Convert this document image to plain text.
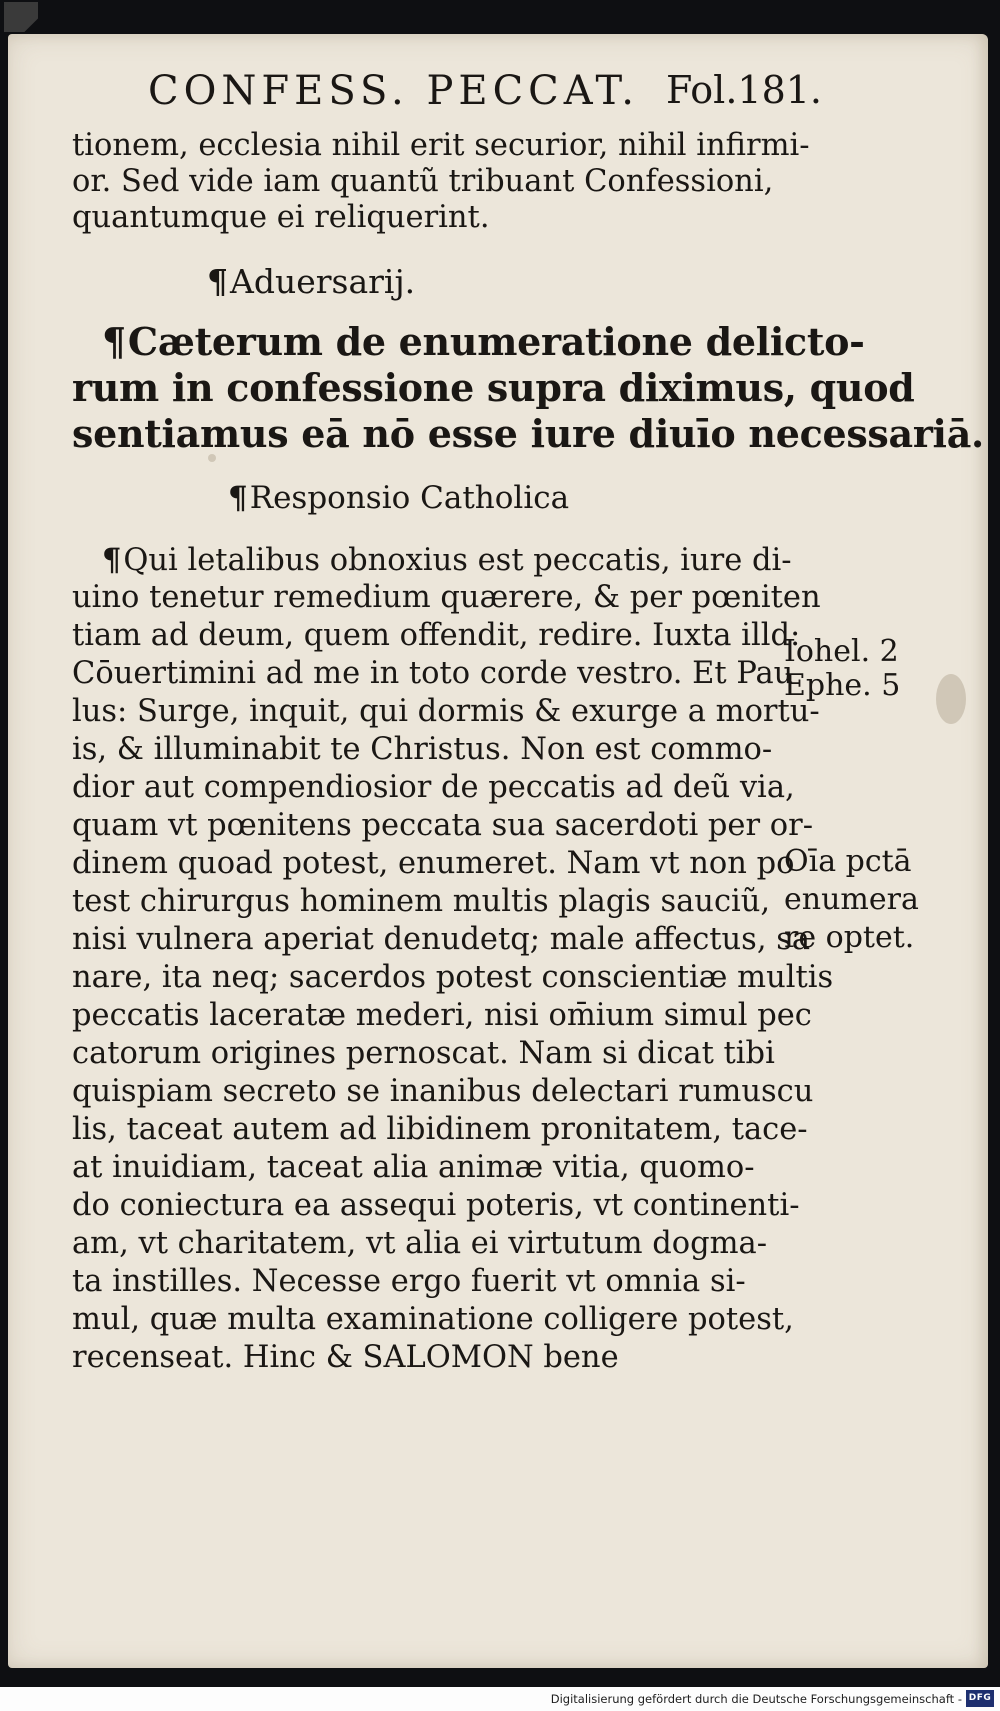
CONFESS. PECCAT. Fol.181.
tionem, ecclesia nihil erit securior, nihil infirmi-
or. Sed vide iam quantũ tribuant Confessioni,
quantumque ei reliquerint.
¶Aduersarij.
¶Cæterum de enumeratione delicto-
rum in confessione supra diximus, quod
sentiamus eā nō esse iure diuīo necessariā.
¶Responsio Catholica
¶Qui letalibus obnoxius est peccatis, iure di-
uino tenetur remedium quærere, & per pœniten
tiam ad deum, quem offendit, redire. Iuxta illd:
Cōuertimini ad me in toto corde vestro. Et Pau
lus: Surge, inquit, qui dormis & exurge a mortu-
is, & illuminabit te Christus. Non est commo-
dior aut compendiosior de peccatis ad deũ via,
quam vt pœnitens peccata sua sacerdoti per or-
dinem quoad potest, enumeret. Nam vt non po
test chirurgus hominem multis plagis sauciũ,
nisi vulnera aperiat denudetq; male affectus, sa
nare, ita neq; sacerdos potest conscientiæ multis
peccatis laceratæ mederi, nisi om̄ium simul pec
catorum origines pernoscat. Nam si dicat tibi
quispiam secreto se inanibus delectari rumuscu
lis, taceat autem ad libidinem pronitatem, tace-
at inuidiam, taceat alia animæ vitia, quomo-
do coniectura ea assequi poteris, vt continenti-
am, vt charitatem, vt alia ei virtutum dogma-
ta instilles. Necesse ergo fuerit vt omnia si-
mul, quæ multa examinatione colligere potest,
recenseat. Hinc & SALOMON bene
Iohel. 2
Ephe. 5
Oīa pctā
enumera
re optet.
Digitalisierung gefördert durch die Deutsche Forschungsgemeinschaft - DFG
